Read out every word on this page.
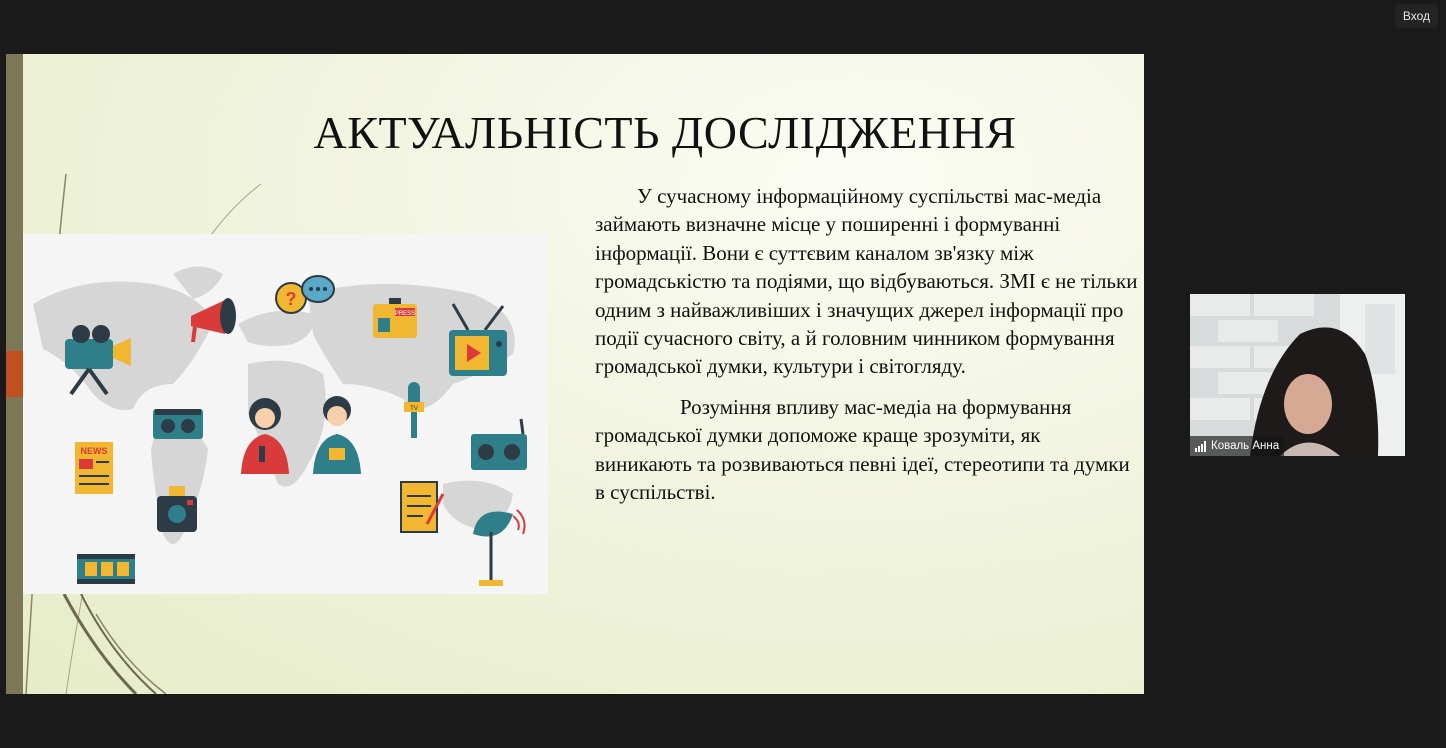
Вход
АКТУАЛЬНІСТЬ ДОСЛІДЖЕННЯ
?
PRESS
TV
NEWS

У сучасному інформаційному суспільстві мас-медіа займають визначне місце у поширенні і формуванні інформації. Вони є суттєвим каналом зв'язку між громадськістю та подіями, що відбуваються. ЗМІ є не тільки одним з найважливіших і значущих джерел інформації про події сучасного світу, а й головним чинником формування громадської думки, культури і світогляду.

Розуміння впливу мас-медіа на формування громадської думки допоможе краще зрозуміти, як виникають та розвиваються певні ідеї, стереотипи та думки в суспільстві.

Коваль Анна
